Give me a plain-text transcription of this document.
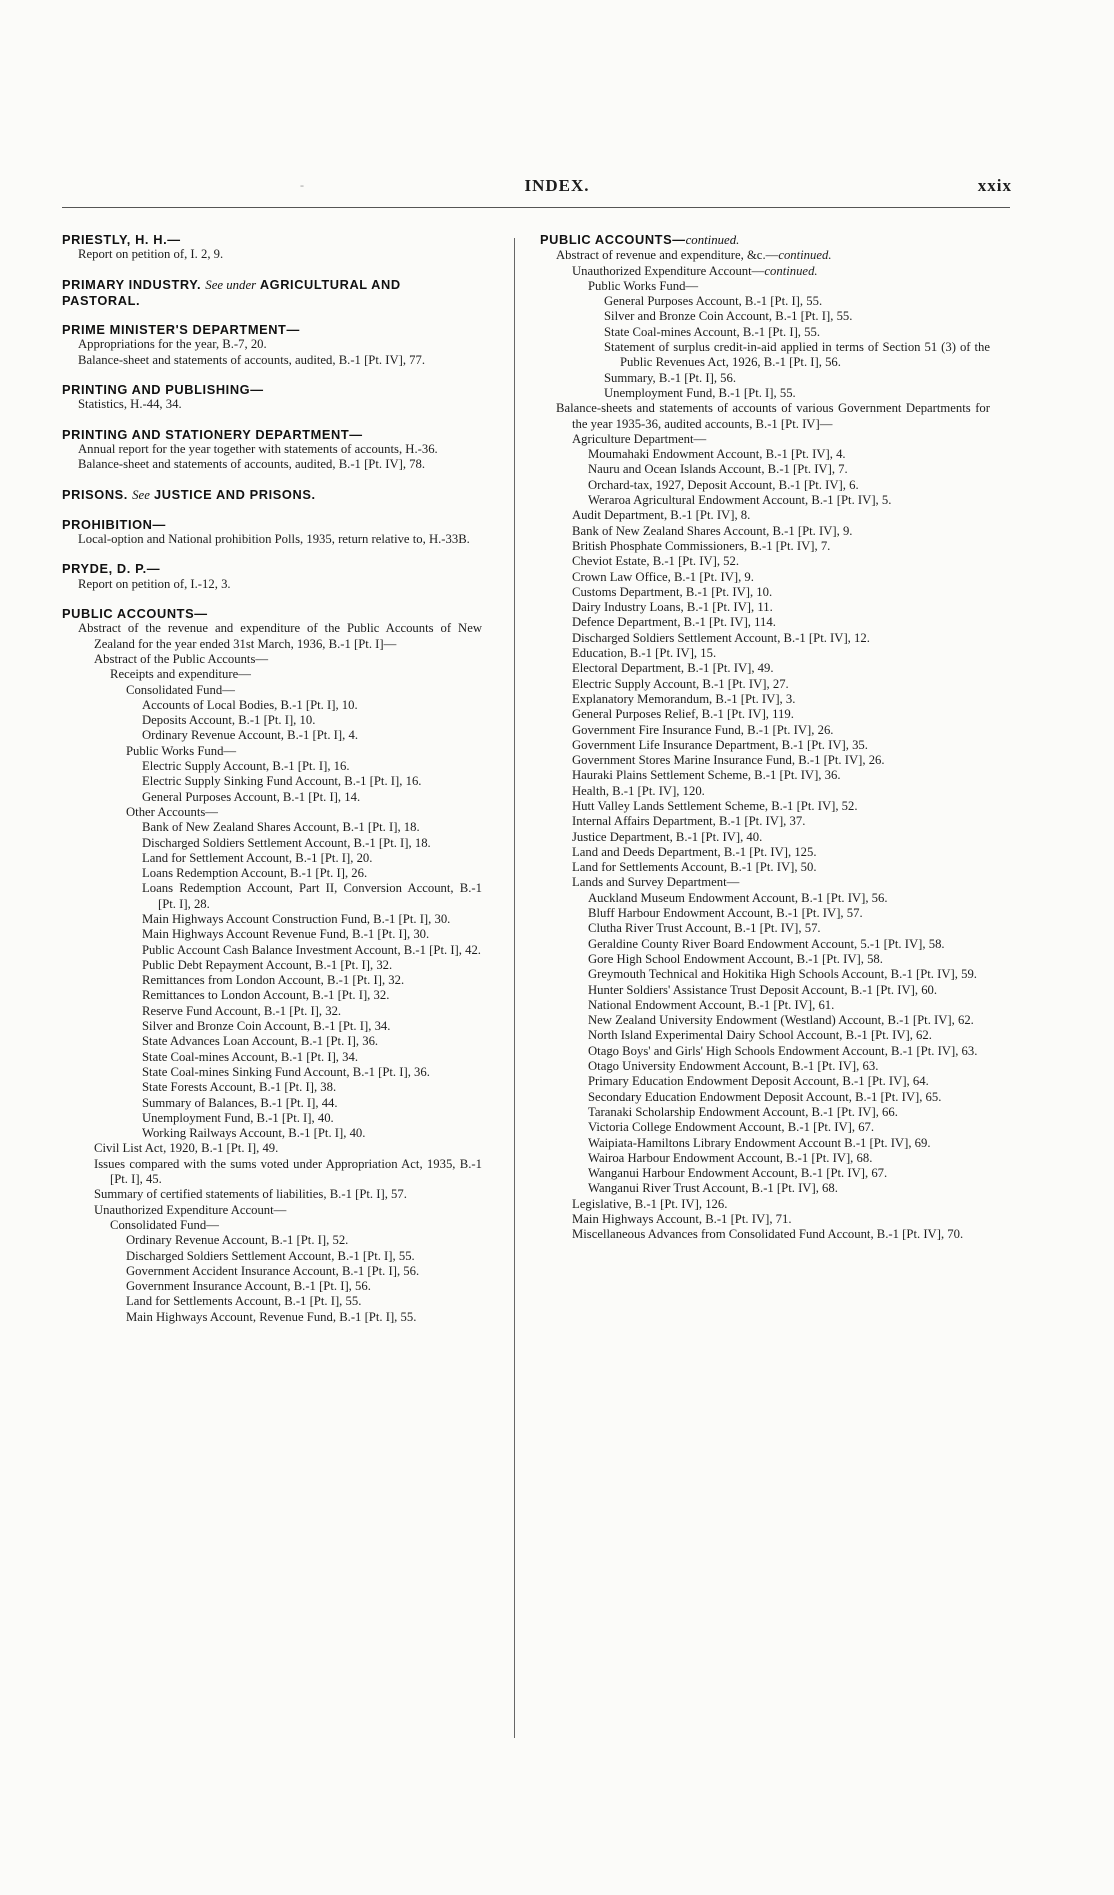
-	INDEX.	xxix

PRIESTLY, H. H.—

Report on petition of, I. 2, 9.

PRIMARY INDUSTRY. See under AGRICULTURAL AND PASTORAL.

PRIME MINISTER'S DEPARTMENT—

Appropriations for the year, B.-7, 20.

Balance-sheet and statements of accounts, audited, B.-1 [Pt. IV], 77.

PRINTING AND PUBLISHING—

Statistics, H.-44, 34.

PRINTING AND STATIONERY DEPARTMENT—

Annual report for the year together with statements of accounts, H.-36.

Balance-sheet and statements of accounts, audited, B.-1 [Pt. IV], 78.

PRISONS. See JUSTICE AND PRISONS.

PROHIBITION—

Local-option and National prohibition Polls, 1935, return relative to, H.-33B.

PRYDE, D. P.—

Report on petition of, I.-12, 3.

PUBLIC ACCOUNTS—

Abstract of the revenue and expenditure of the Public Accounts of New Zealand for the year ended 31st March, 1936, B.-1 [Pt. I]—

Abstract of the Public Accounts—

Receipts and expenditure—

Consolidated Fund—

Accounts of Local Bodies, B.-1 [Pt. I], 10.

Deposits Account, B.-1 [Pt. I], 10.

Ordinary Revenue Account, B.-1 [Pt. I], 4.

Public Works Fund—

Electric Supply Account, B.-1 [Pt. I], 16.

Electric Supply Sinking Fund Account, B.-1 [Pt. I], 16.

General Purposes Account, B.-1 [Pt. I], 14.

Other Accounts—

Bank of New Zealand Shares Account, B.-1 [Pt. I], 18.

Discharged Soldiers Settlement Account, B.-1 [Pt. I], 18.

Land for Settlement Account, B.-1 [Pt. I], 20.

Loans Redemption Account, B.-1 [Pt. I], 26.

Loans Redemption Account, Part II, Conversion Account, B.-1 [Pt. I], 28.

Main Highways Account Construction Fund, B.-1 [Pt. I], 30.

Main Highways Account Revenue Fund, B.-1 [Pt. I], 30.

Public Account Cash Balance Investment Account, B.-1 [Pt. I], 42.

Public Debt Repayment Account, B.-1 [Pt. I], 32.

Remittances from London Account, B.-1 [Pt. I], 32.

Remittances to London Account, B.-1 [Pt. I], 32.

Reserve Fund Account, B.-1 [Pt. I], 32.

Silver and Bronze Coin Account, B.-1 [Pt. I], 34.

State Advances Loan Account, B.-1 [Pt. I], 36.

State Coal-mines Account, B.-1 [Pt. I], 34.

State Coal-mines Sinking Fund Account, B.-1 [Pt. I], 36.

State Forests Account, B.-1 [Pt. I], 38.

Summary of Balances, B.-1 [Pt. I], 44.

Unemployment Fund, B.-1 [Pt. I], 40.

Working Railways Account, B.-1 [Pt. I], 40.

Civil List Act, 1920, B.-1 [Pt. I], 49.

Issues compared with the sums voted under Appropriation Act, 1935, B.-1 [Pt. I], 45.

Summary of certified statements of liabilities, B.-1 [Pt. I], 57.

Unauthorized Expenditure Account—

Consolidated Fund—

Ordinary Revenue Account, B.-1 [Pt. I], 52.

Discharged Soldiers Settlement Account, B.-1 [Pt. I], 55.

Government Accident Insurance Account, B.-1 [Pt. I], 56.

Government Insurance Account, B.-1 [Pt. I], 56.

Land for Settlements Account, B.-1 [Pt. I], 55.

Main Highways Account, Revenue Fund, B.-1 [Pt. I], 55.

PUBLIC ACCOUNTS—continued.

Abstract of revenue and expenditure, &c.—continued.

Unauthorized Expenditure Account—continued.

Public Works Fund—

General Purposes Account, B.-1 [Pt. I], 55.

Silver and Bronze Coin Account, B.-1 [Pt. I], 55.

State Coal-mines Account, B.-1 [Pt. I], 55.

Statement of surplus credit-in-aid applied in terms of Section 51 (3) of the Public Revenues Act, 1926, B.-1 [Pt. I], 56.

Summary, B.-1 [Pt. I], 56.

Unemployment Fund, B.-1 [Pt. I], 55.

Balance-sheets and statements of accounts of various Government Departments for the year 1935-36, audited accounts, B.-1 [Pt. IV]—

Agriculture Department—

Moumahaki Endowment Account, B.-1 [Pt. IV], 4.

Nauru and Ocean Islands Account, B.-1 [Pt. IV], 7.

Orchard-tax, 1927, Deposit Account, B.-1 [Pt. IV], 6.

Weraroa Agricultural Endowment Account, B.-1 [Pt. IV], 5.

Audit Department, B.-1 [Pt. IV], 8.

Bank of New Zealand Shares Account, B.-1 [Pt. IV], 9.

British Phosphate Commissioners, B.-1 [Pt. IV], 7.

Cheviot Estate, B.-1 [Pt. IV], 52.

Crown Law Office, B.-1 [Pt. IV], 9.

Customs Department, B.-1 [Pt. IV], 10.

Dairy Industry Loans, B.-1 [Pt. IV], 11.

Defence Department, B.-1 [Pt. IV], 114.

Discharged Soldiers Settlement Account, B.-1 [Pt. IV], 12.

Education, B.-1 [Pt. IV], 15.

Electoral Department, B.-1 [Pt. IV], 49.

Electric Supply Account, B.-1 [Pt. IV], 27.

Explanatory Memorandum, B.-1 [Pt. IV], 3.

General Purposes Relief, B.-1 [Pt. IV], 119.

Government Fire Insurance Fund, B.-1 [Pt. IV], 26.

Government Life Insurance Department, B.-1 [Pt. IV], 35.

Government Stores Marine Insurance Fund, B.-1 [Pt. IV], 26.

Hauraki Plains Settlement Scheme, B.-1 [Pt. IV], 36.

Health, B.-1 [Pt. IV], 120.

Hutt Valley Lands Settlement Scheme, B.-1 [Pt. IV], 52.

Internal Affairs Department, B.-1 [Pt. IV], 37.

Justice Department, B.-1 [Pt. IV], 40.

Land and Deeds Department, B.-1 [Pt. IV], 125.

Land for Settlements Account, B.-1 [Pt. IV], 50.

Lands and Survey Department—

Auckland Museum Endowment Account, B.-1 [Pt. IV], 56.

Bluff Harbour Endowment Account, B.-1 [Pt. IV], 57.

Clutha River Trust Account, B.-1 [Pt. IV], 57.

Geraldine County River Board Endowment Account, 5.-1 [Pt. IV], 58.

Gore High School Endowment Account, B.-1 [Pt. IV], 58.

Greymouth Technical and Hokitika High Schools Account, B.-1 [Pt. IV], 59.

Hunter Soldiers' Assistance Trust Deposit Account, B.-1 [Pt. IV], 60.

National Endowment Account, B.-1 [Pt. IV], 61.

New Zealand University Endowment (Westland) Account, B.-1 [Pt. IV], 62.

North Island Experimental Dairy School Account, B.-1 [Pt. IV], 62.

Otago Boys' and Girls' High Schools Endowment Account, B.-1 [Pt. IV], 63.

Otago University Endowment Account, B.-1 [Pt. IV], 63.

Primary Education Endowment Deposit Account, B.-1 [Pt. IV], 64.

Secondary Education Endowment Deposit Account, B.-1 [Pt. IV], 65.

Taranaki Scholarship Endowment Account, B.-1 [Pt. IV], 66.

Victoria College Endowment Account, B.-1 [Pt. IV], 67.

Waipiata-Hamiltons Library Endowment Account B.-1 [Pt. IV], 69.

Wairoa Harbour Endowment Account, B.-1 [Pt. IV], 68.

Wanganui Harbour Endowment Account, B.-1 [Pt. IV], 67.

Wanganui River Trust Account, B.-1 [Pt. IV], 68.

Legislative, B.-1 [Pt. IV], 126.

Main Highways Account, B.-1 [Pt. IV], 71.

Miscellaneous Advances from Consolidated Fund Account, B.-1 [Pt. IV], 70.
